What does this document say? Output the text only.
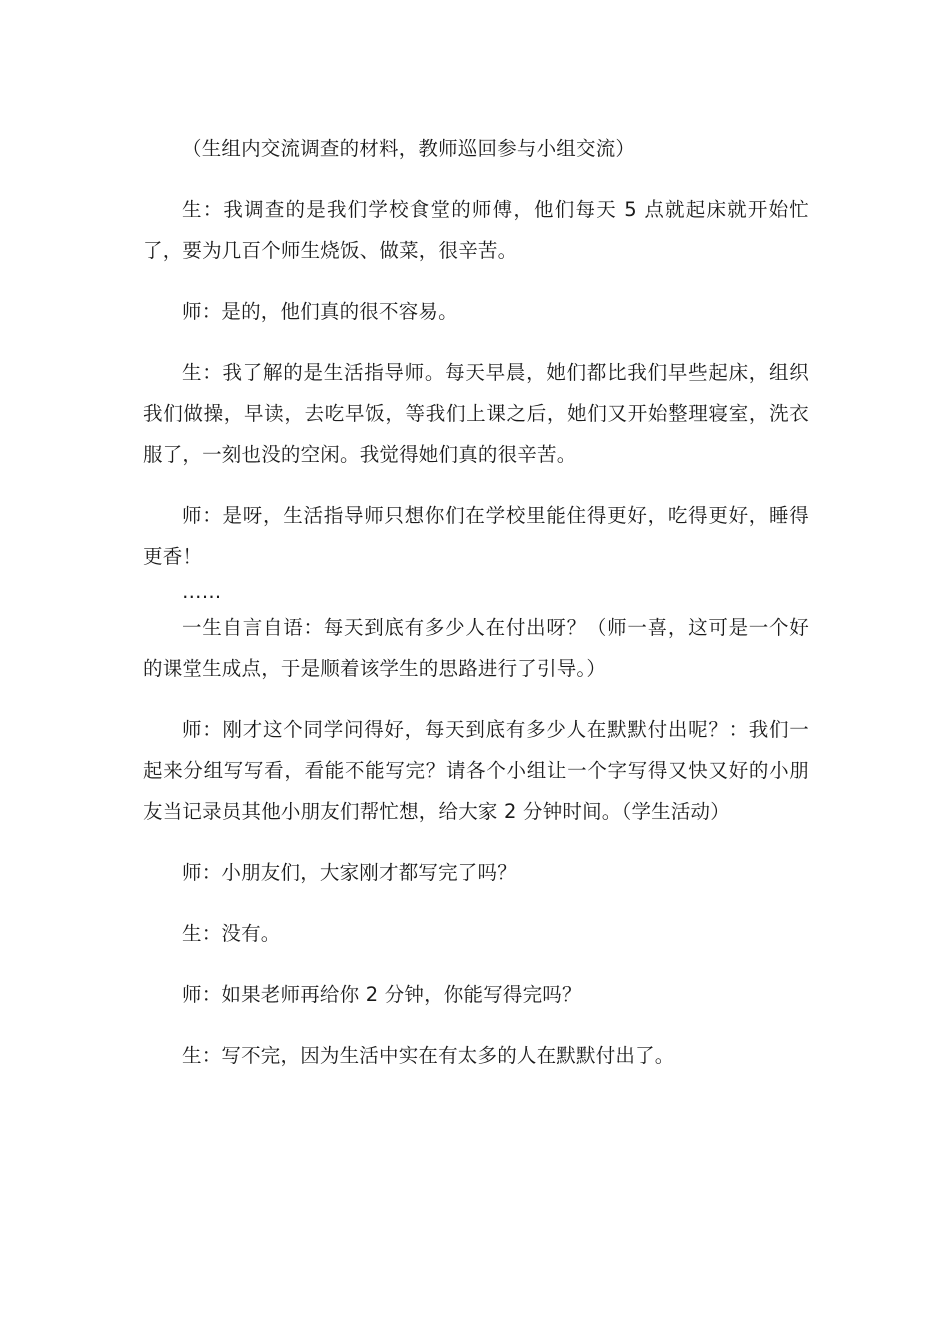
（生组内交流调查的材料，教师巡回参与小组交流）

生：我调查的是我们学校食堂的师傅，他们每天 5 点就起床就开始忙了，要为几百个师生烧饭、做菜，很辛苦。

师：是的，他们真的很不容易。

生：我了解的是生活指导师。每天早晨，她们都比我们早些起床，组织我们做操，早读，去吃早饭，等我们上课之后，她们又开始整理寝室，洗衣服了，一刻也没的空闲。我觉得她们真的很辛苦。

师：是呀，生活指导师只想你们在学校里能住得更好，吃得更好，睡得更香！

……

一生自言自语：每天到底有多少人在付出呀？（师一喜，这可是一个好的课堂生成点，于是顺着该学生的思路进行了引导。）

师：刚才这个同学问得好，每天到底有多少人在默默付出呢？：我们一起来分组写写看，看能不能写完？请各个小组让一个字写得又快又好的小朋友当记录员其他小朋友们帮忙想，给大家 2 分钟时间。（学生活动）

师：小朋友们，大家刚才都写完了吗？

生：没有。

师：如果老师再给你 2 分钟，你能写得完吗？

生：写不完，因为生活中实在有太多的人在默默付出了。
